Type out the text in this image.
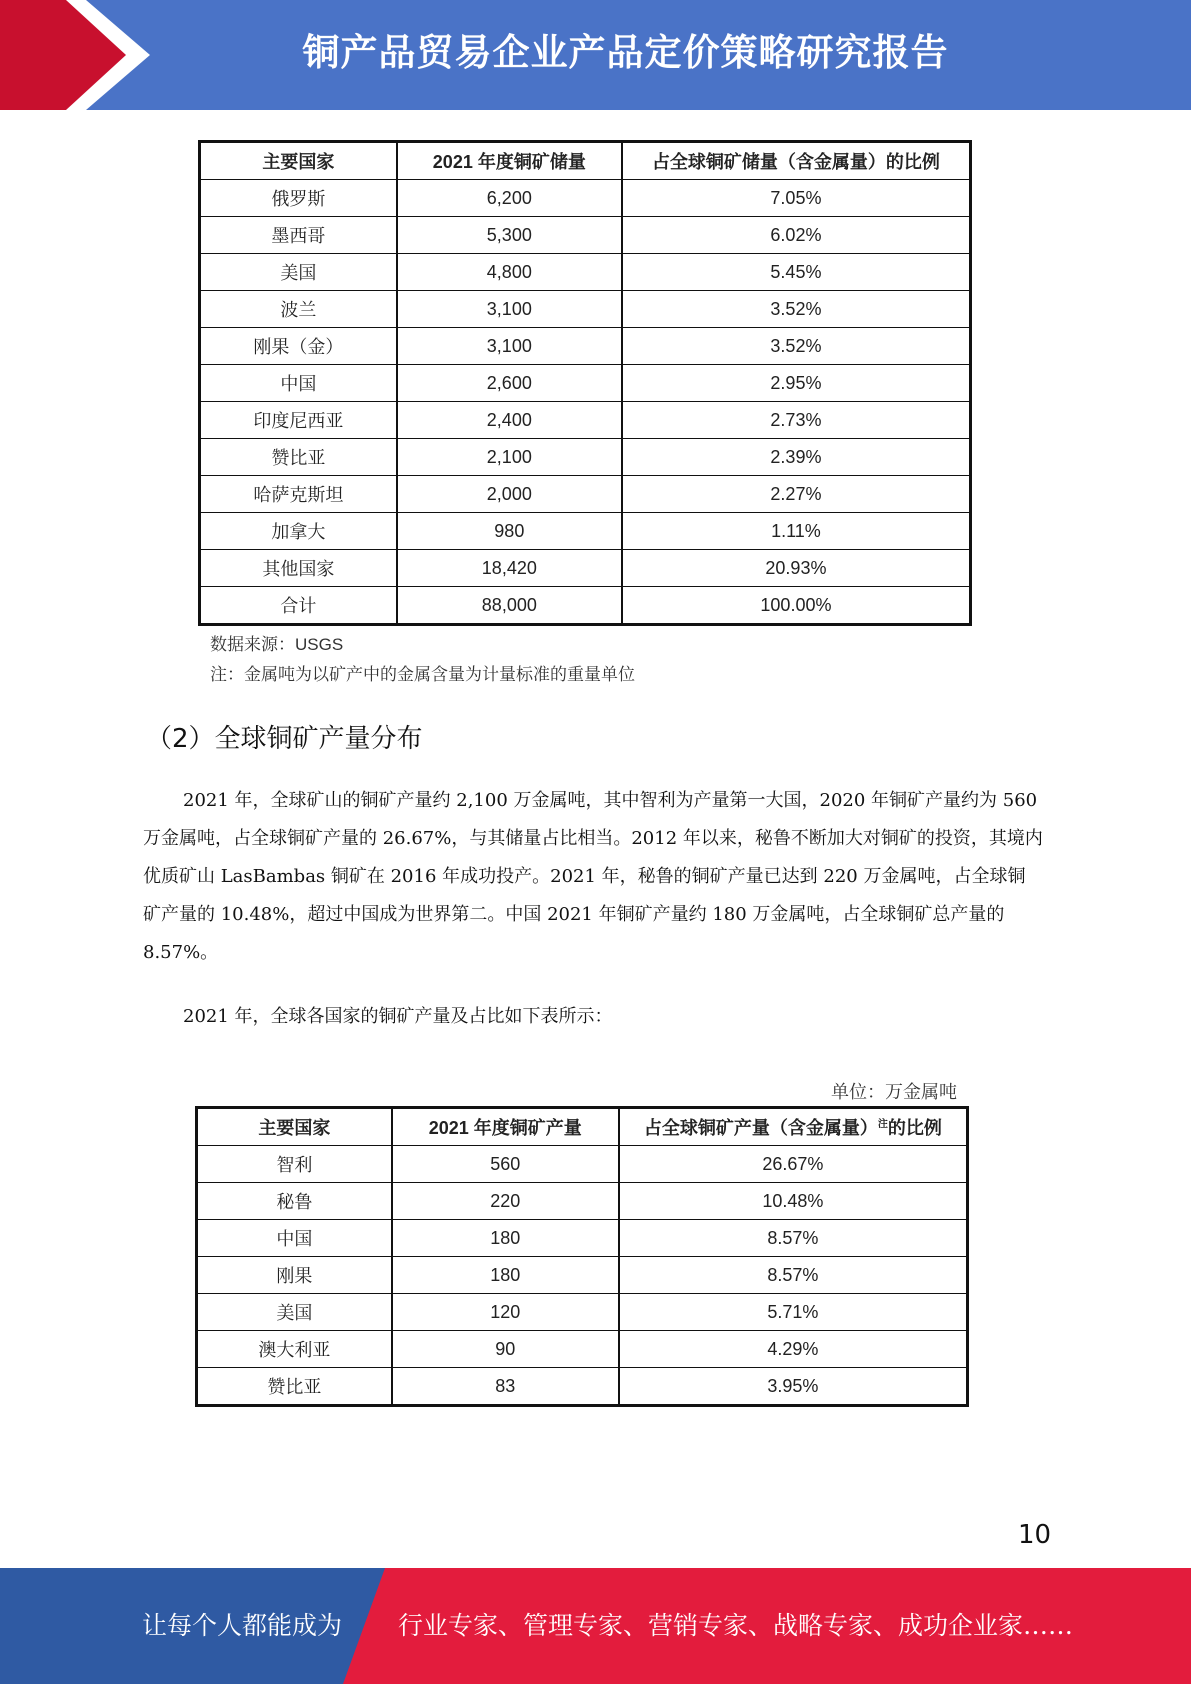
铜产品贸易企业产品定价策略研究报告
主要国家	2021 年度铜矿储量	占全球铜矿储量（含金属量）的比例
俄罗斯	6,200	7.05%
墨西哥	5,300	6.02%
美国	4,800	5.45%
波兰	3,100	3.52%
刚果（金）	3,100	3.52%
中国	2,600	2.95%
印度尼西亚	2,400	2.73%
赞比亚	2,100	2.39%
哈萨克斯坦	2,000	2.27%
加拿大	980	1.11%
其他国家	18,420	20.93%
合计	88,000	100.00%
数据来源：USGS
注：金属吨为以矿产中的金属含量为计量标准的重量单位
（2）全球铜矿产量分布

2021 年，全球矿山的铜矿产量约 2,100 万金属吨，其中智利为产量第一大国，2020 年铜矿产量约为 560 万金属吨，占全球铜矿产量的 26.67%，与其储量占比相当。2012 年以来，秘鲁不断加大对铜矿的投资，其境内优质矿山 LasBambas 铜矿在 2016 年成功投产。2021 年，秘鲁的铜矿产量已达到 220 万金属吨，占全球铜矿产量的 10.48%，超过中国成为世界第二。中国 2021 年铜矿产量约 180 万金属吨，占全球铜矿总产量的 8.57%。

2021 年，全球各国家的铜矿产量及占比如下表所示：

单位：万金属吨
主要国家	2021 年度铜矿产量	占全球铜矿产量（含金属量）$^注$的比例
智利	560	26.67%
秘鲁	220	10.48%
中国	180	8.57%
刚果	180	8.57%
美国	120	5.71%
澳大利亚	90	4.29%
赞比亚	83	3.95%
10
让每个人都能成为 行业专家、管理专家、营销专家、战略专家、成功企业家……
